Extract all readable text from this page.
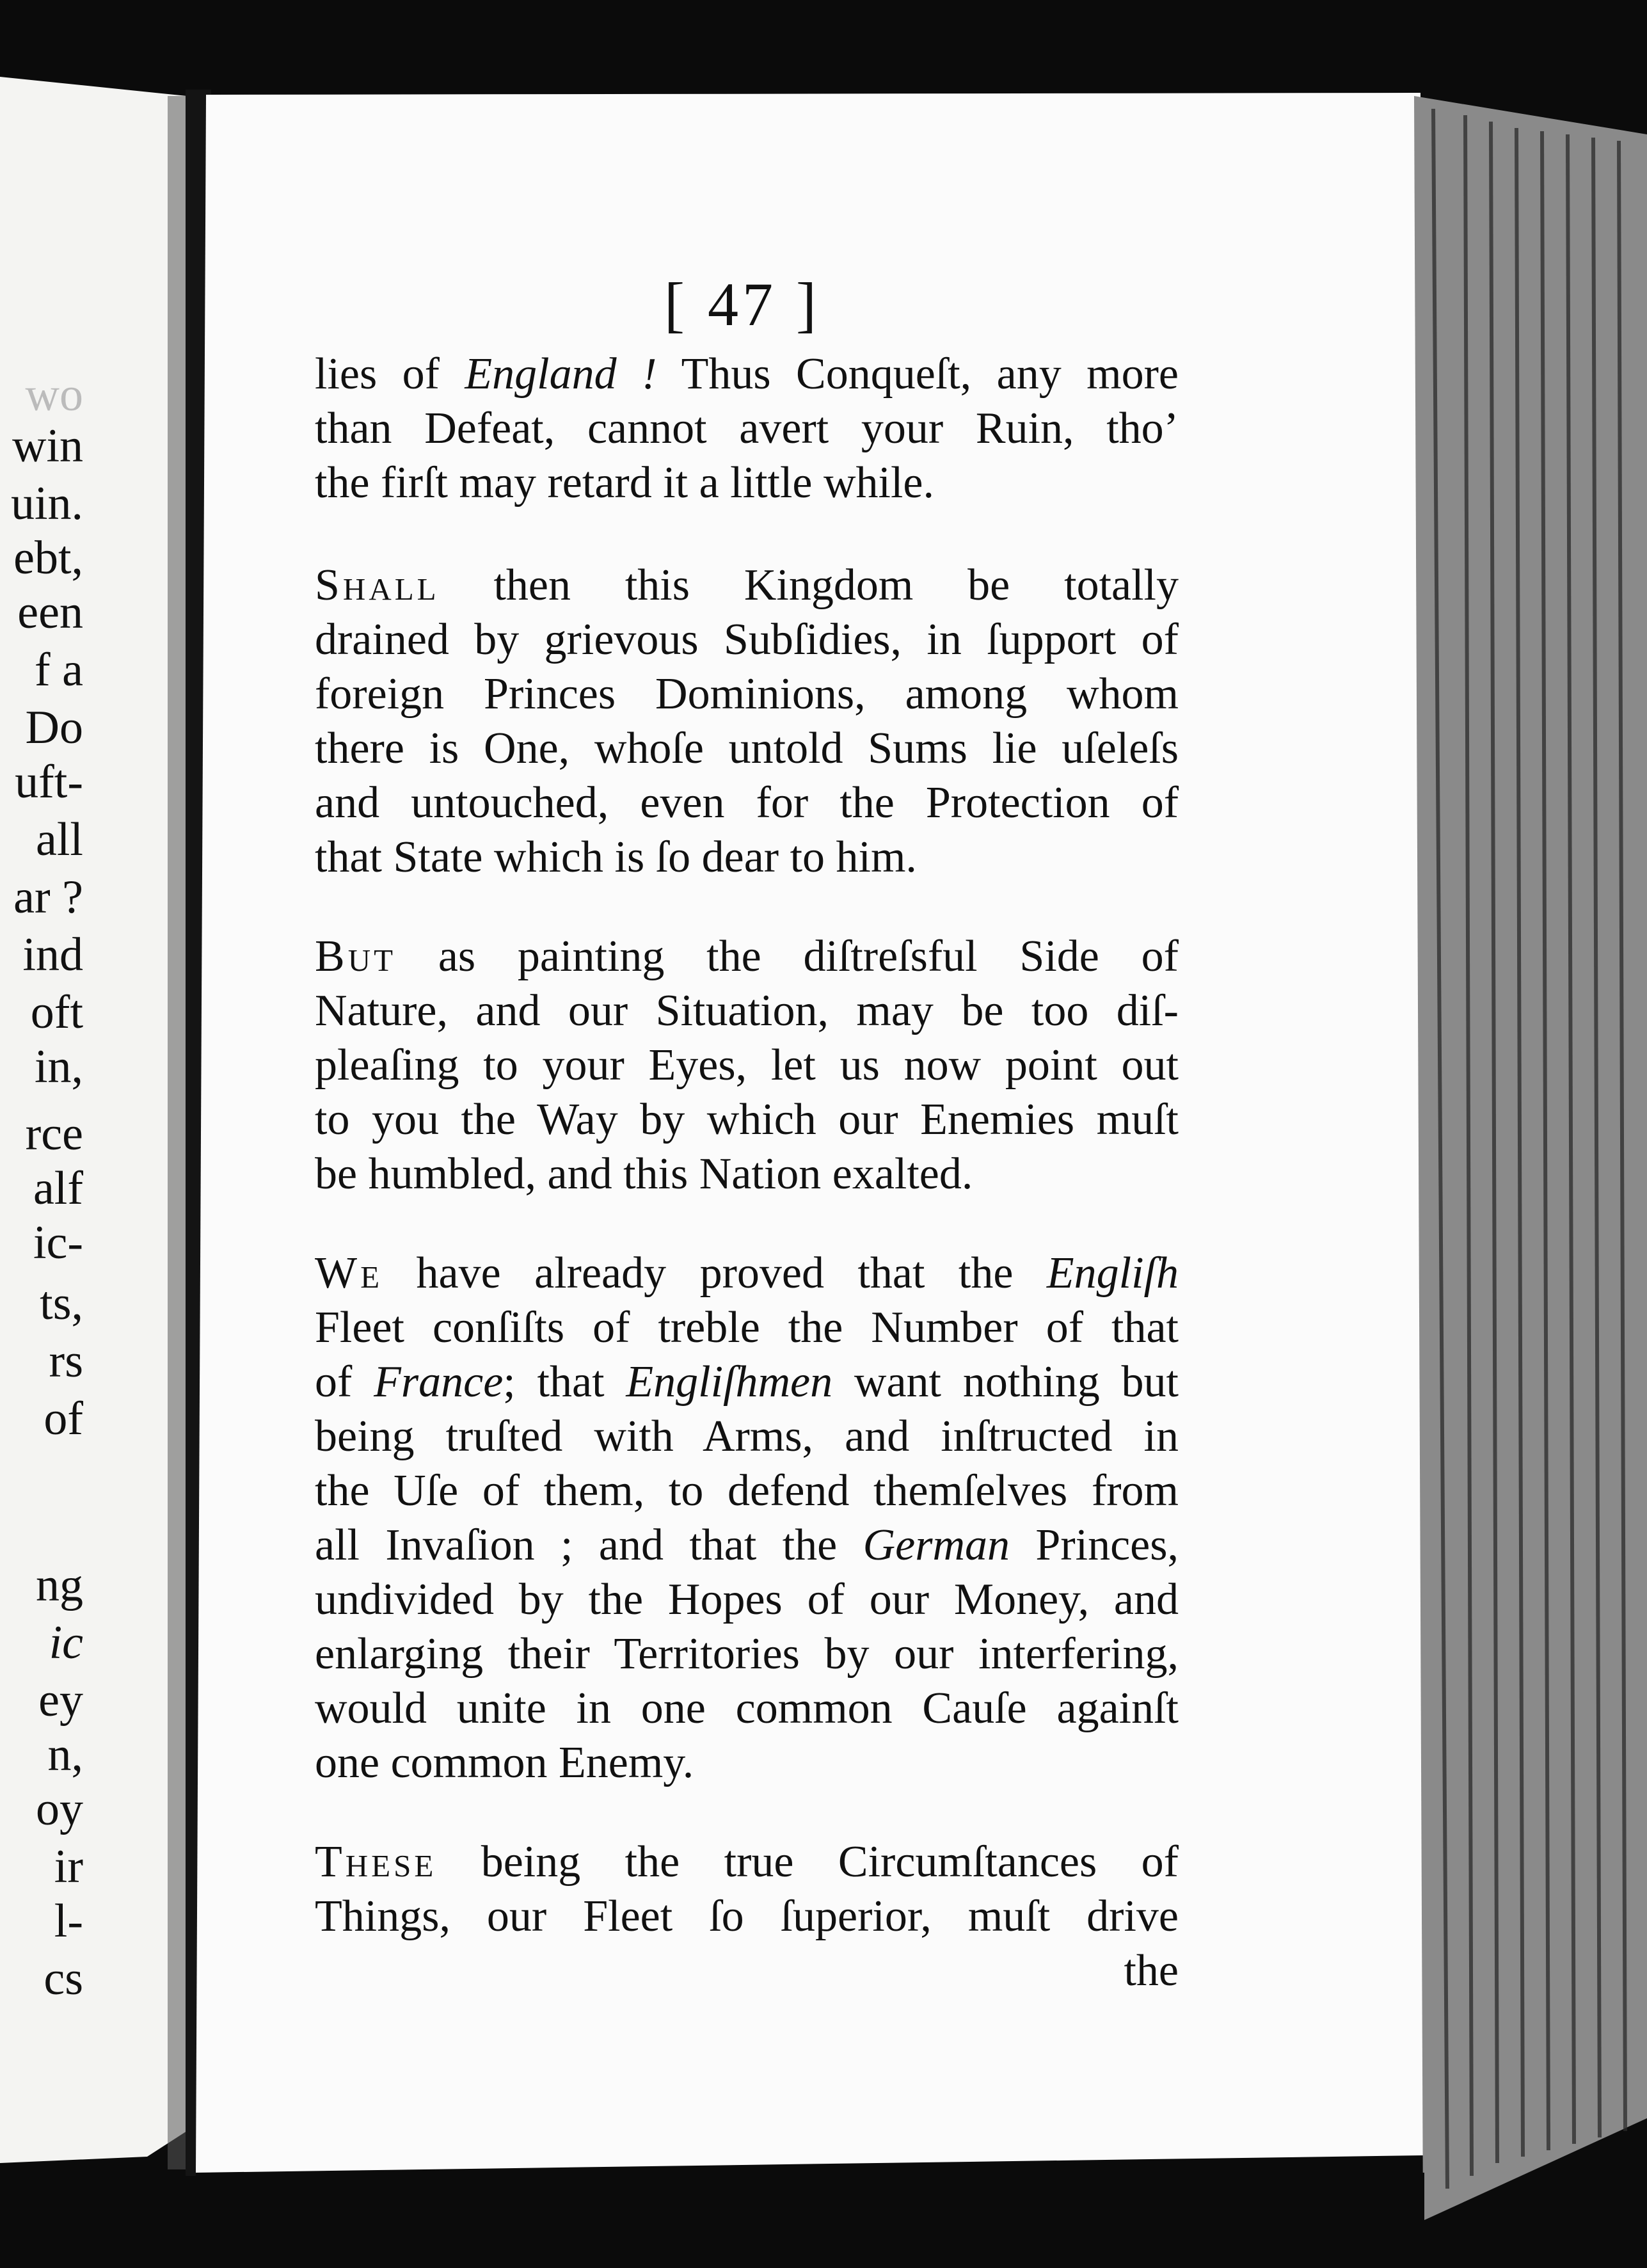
wo
win
uin.
ebt,
een
f a
Do
uft-
all
ar ?
ind
oft
in,
rce
alf
ic-
ts,
rs
of
ng
ic
ey
n,
oy
ir
l-
cs
[ 47 ]
lies of England ! Thus Conqueſt, any more
than Defeat, cannot avert your Ruin, tho’
the firſt may retard it a little while.
Shall then this Kingdom be totally
drained by grievous Subſidies, in ſupport of
foreign Princes Dominions, among whom
there is One, whoſe untold Sums lie uſeleſs
and untouched, even for the Protection of
that State which is ſo dear to him.
But as painting the diſtreſsful Side of
Nature, and our Situation, may be too diſ-
pleaſing to your Eyes, let us now point out
to you the Way by which our Enemies muſt
be humbled, and this Nation exalted.
We have already proved that the Engliſh
Fleet conſiſts of treble the Number of that
of France; that Engliſhmen want nothing but
being truſted with Arms, and inſtructed in
the Uſe of them, to defend themſelves from
all Invaſion ; and that the German Princes,
undivided by the Hopes of our Money, and
enlarging their Territories by our interfering,
would unite in one common Cauſe againſt
one common Enemy.
These being the true Circumſtances of
Things, our Fleet ſo ſuperior, muſt drive
the
